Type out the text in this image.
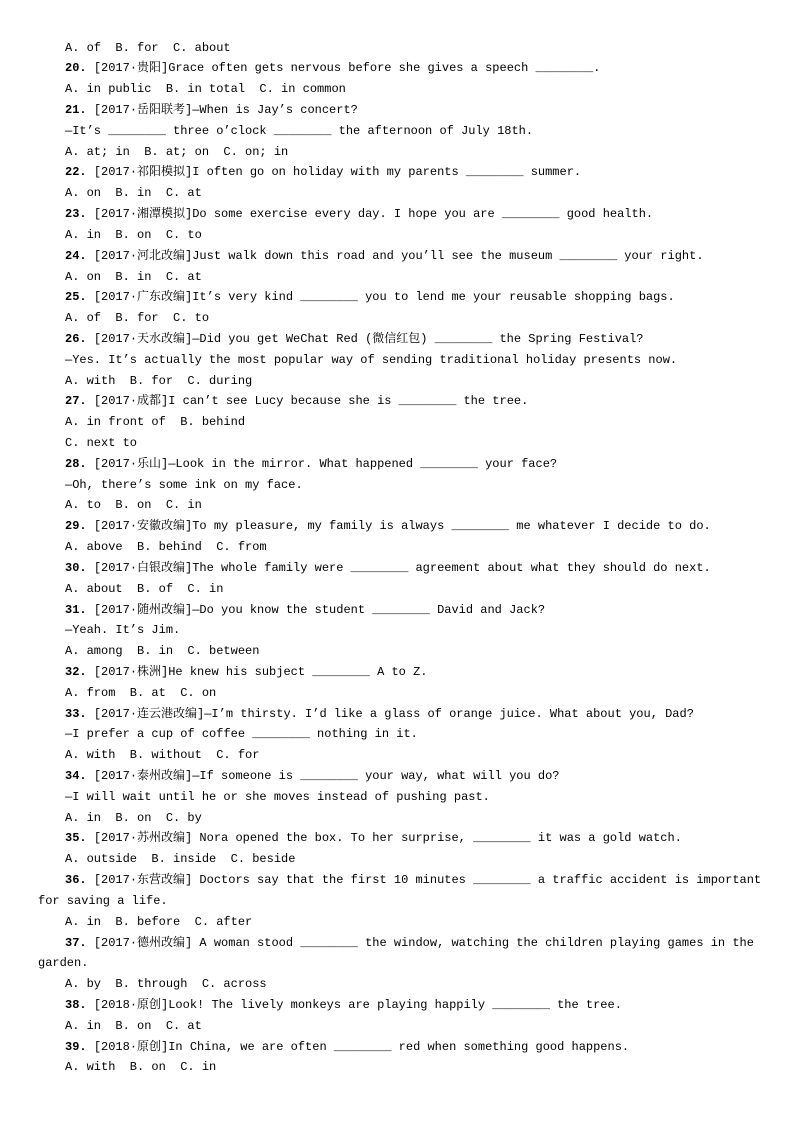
A. of  B. for  C. about
20. [2017·贵阳]Grace often gets nervous before she gives a speech ________.
A. in public  B. in total  C. in common
21. [2017·岳阳联考]—When is Jay’s concert?
—It’s ________ three o’clock ________ the afternoon of July 18th.
A. at; in  B. at; on  C. on; in
22. [2017·祁阳模拟]I often go on holiday with my parents ________ summer.
A. on  B. in  C. at
23. [2017·湘潭模拟]Do some exercise every day. I hope you are ________ good health.
A. in  B. on  C. to
24. [2017·河北改编]Just walk down this road and you’ll see the museum ________ your right.
A. on  B. in  C. at
25. [2017·广东改编]It’s very kind ________ you to lend me your reusable shopping bags.
A. of  B. for  C. to
26. [2017·天水改编]—Did you get WeChat Red (微信红包) ________ the Spring Festival?
—Yes. It’s actually the most popular way of sending traditional holiday presents now.
A. with  B. for  C. during
27. [2017·成都]I can’t see Lucy because she is ________ the tree.
A. in front of  B. behind
C. next to
28. [2017·乐山]—Look in the mirror. What happened ________ your face?
—Oh, there’s some ink on my face.
A. to  B. on  C. in
29. [2017·安徽改编]To my pleasure, my family is always ________ me whatever I decide to do.
A. above  B. behind  C. from
30. [2017·白银改编]The whole family were ________ agreement about what they should do next.
A. about  B. of  C. in
31. [2017·随州改编]—Do you know the student ________ David and Jack?
—Yeah. It’s Jim.
A. among  B. in  C. between
32. [2017·株洲]He knew his subject ________ A to Z.
A. from  B. at  C. on
33. [2017·连云港改编]—I’m thirsty. I’d like a glass of orange juice. What about you, Dad?
—I prefer a cup of coffee ________ nothing in it.
A. with  B. without  C. for
34. [2017·泰州改编]—If someone is ________ your way, what will you do?
—I will wait until he or she moves instead of pushing past.
A. in  B. on  C. by
35. [2017·苏州改编] Nora opened the box. To her surprise, ________ it was a gold watch.
A. outside  B. inside  C. beside
36. [2017·东营改编] Doctors say that the first 10 minutes ________ a traffic accident is important
for saving a life.
A. in  B. before  C. after
37. [2017·德州改编] A woman stood ________ the window, watching the children playing games in the
garden.
A. by  B. through  C. across
38. [2018·原创]Look! The lively monkeys are playing happily ________ the tree.
A. in  B. on  C. at
39. [2018·原创]In China, we are often ________ red when something good happens.
A. with  B. on  C. in
